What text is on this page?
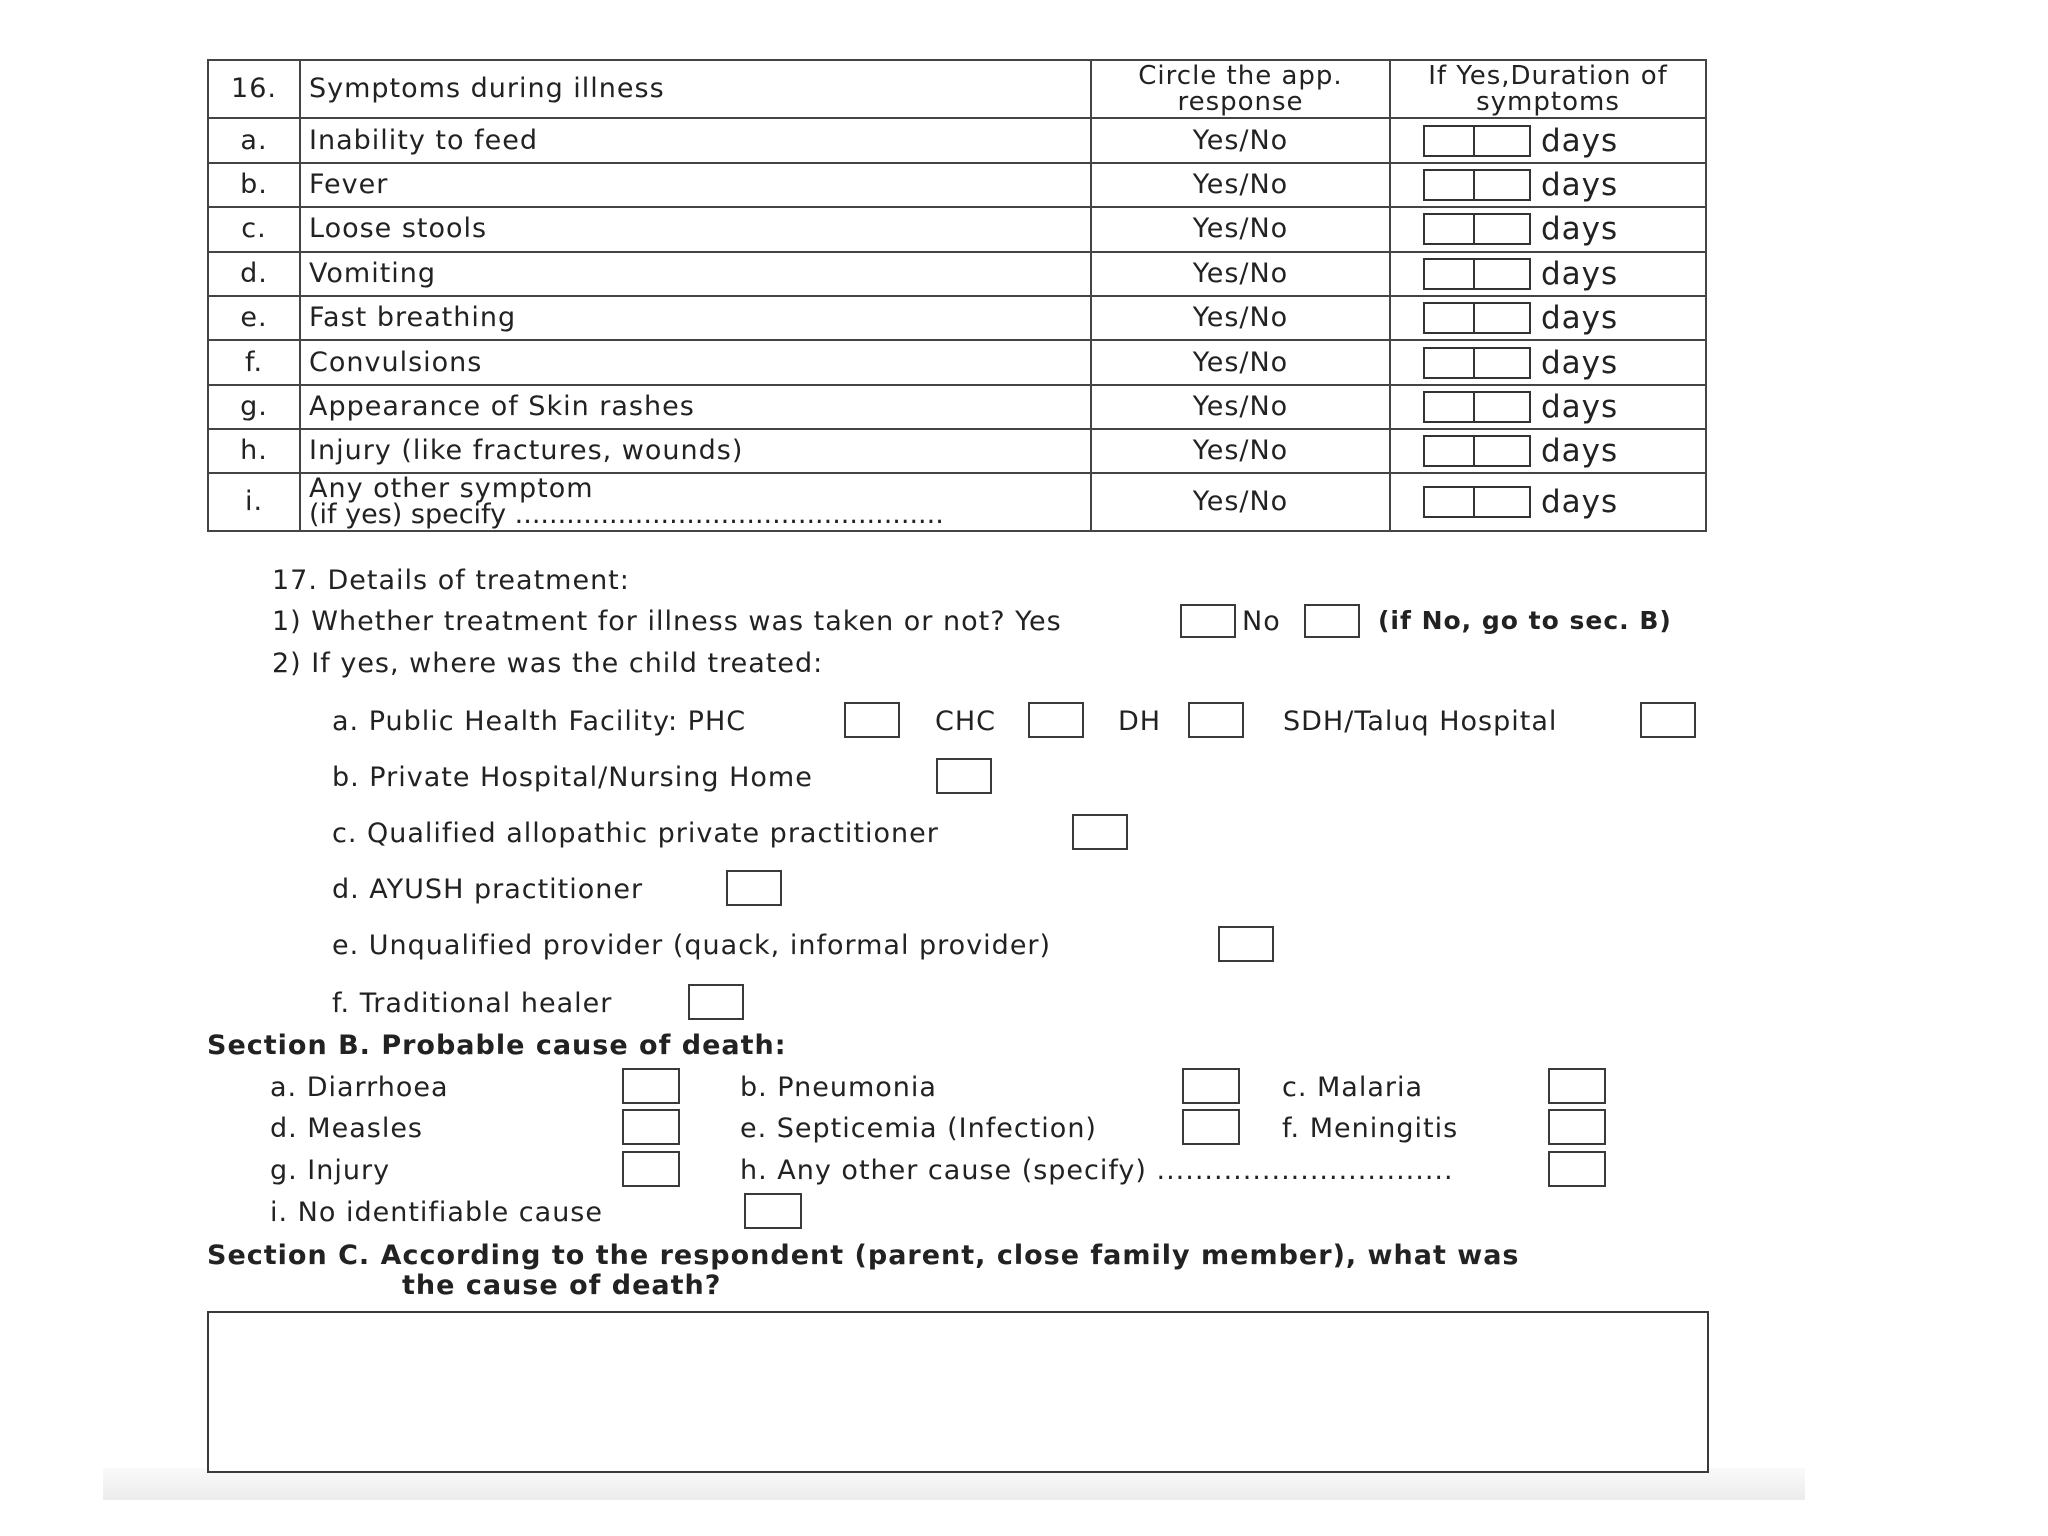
16.	Symptoms during illness	Circle the app. response	If Yes,Duration of symptoms
a.	Inability to feed	Yes/No	days

b.	Fever	Yes/No	days

c.	Loose stools	Yes/No	days

d.	Vomiting	Yes/No	days

e.	Fast breathing	Yes/No	days

f.	Convulsions	Yes/No	days

g.	Appearance of Skin rashes	Yes/No	days

h.	Injury (like fractures, wounds)	Yes/No	days

i.	Any other symptom
(if yes) specify ..................................................	Yes/No	days
17. Details of treatment:
1) Whether treatment for illness was taken or not? Yes	No	(if No, go to sec. B)
2) If yes, where was the child treated:
a. Public Health Facility: PHC	CHC	DH	SDH/Taluq Hospital
b. Private Hospital/Nursing Home
c. Qualified allopathic private practitioner
d. AYUSH practitioner
e. Unqualified provider (quack, informal provider)
f. Traditional healer
Section B. Probable cause of death:
a. Diarrhoea	b. Pneumonia	c. Malaria
d. Measles	e. Septicemia (Infection)	f. Meningitis
g. Injury	h. Any other cause (specify) ...............................
i. No identifiable cause
Section C. According to the respondent (parent, close family member), what was
the cause of death?
